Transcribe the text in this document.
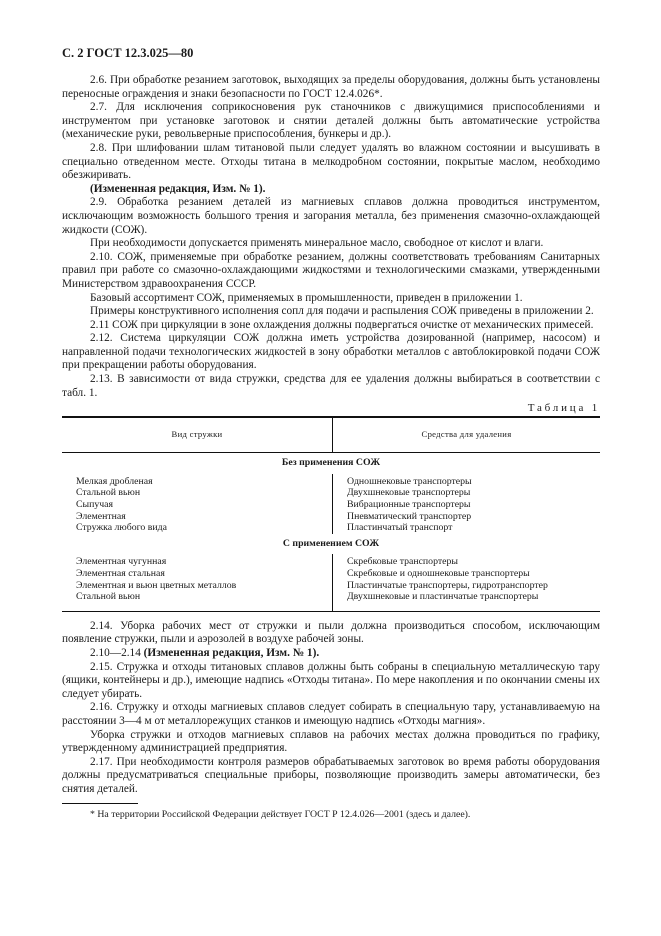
С. 2 ГОСТ 12.3.025—80

2.6. При обработке резанием заготовок, выходящих за пределы оборудования, должны быть установлены переносные ограждения и знаки безопасности по ГОСТ 12.4.026*.

2.7. Для исключения соприкосновения рук станочников с движущимися приспособлениями и инструментом при установке заготовок и снятии деталей должны быть автоматические устройства (механические руки, револьверные приспособления, бункеры и др.).

2.8. При шлифовании шлам титановой пыли следует удалять во влажном состоянии и высушивать в специально отведенном месте. Отходы титана в мелкодробном состоянии, покрытые маслом, необходимо обезжиривать.

(Измененная редакция, Изм. № 1).

2.9. Обработка резанием деталей из магниевых сплавов должна проводиться инструментом, исключающим возможность большого трения и загорания металла, без применения смазочно-охлаждающей жидкости (СОЖ).

При необходимости допускается применять минеральное масло, свободное от кислот и влаги.

2.10. СОЖ, применяемые при обработке резанием, должны соответствовать требованиям Санитарных правил при работе со смазочно-охлаждающими жидкостями и технологическими смазками, утвержденными Министерством здравоохранения СССР.

Базовый ассортимент СОЖ, применяемых в промышленности, приведен в приложении 1.

Примеры конструктивного исполнения сопл для подачи и распыления СОЖ приведены в приложении 2.

2.11 СОЖ при циркуляции в зоне охлаждения должны подвергаться очистке от механических примесей.

2.12. Система циркуляции СОЖ должна иметь устройства дозированной (например, насосом) и направленной подачи технологических жидкостей в зону обработки металлов с автоблокировкой подачи СОЖ при прекращении работы оборудования.

2.13. В зависимости от вида стружки, средства для ее удаления должны выбираться в соответствии с табл. 1.

Таблица 1
Вид стружки	Средства для удаления
Без применения СОЖ	
Мелкая дробленая	Одношнековые транспортеры
Стальной вьюн	Двухшнековые транспортеры
Сыпучая	Вибрационные транспортеры
Элементная	Пневматический транспортер
Стружка любого вида	Пластинчатый транспорт
С применением СОЖ	
Элементная чугунная	Скребковые транспортеры
Элементная стальная	Скребковые и одношнековые транспортеры
Элементная и вьюн цветных металлов	Пластинчатые транспортеры, гидротранспортер
Стальной вьюн	Двухшнековые и пластинчатые транспортеры

2.14. Уборка рабочих мест от стружки и пыли должна производиться способом, исключающим появление стружки, пыли и аэрозолей в воздухе рабочей зоны.

2.10—2.14 (Измененная редакция, Изм. № 1).

2.15. Стружка и отходы титановых сплавов должны быть собраны в специальную металлическую тару (ящики, контейнеры и др.), имеющие надпись «Отходы титана». По мере накопления и по окончании смены их следует убирать.

2.16. Стружку и отходы магниевых сплавов следует собирать в специальную тару, устанавливаемую на расстоянии 3—4 м от металлорежущих станков и имеющую надпись «Отходы магния».

Уборка стружки и отходов магниевых сплавов на рабочих местах должна проводиться по графику, утвержденному администрацией предприятия.

2.17. При необходимости контроля размеров обрабатываемых заготовок во время работы оборудования должны предусматриваться специальные приборы, позволяющие производить замеры автоматически, без снятия деталей.

* На территории Российской Федерации действует ГОСТ Р 12.4.026—2001 (здесь и далее).
